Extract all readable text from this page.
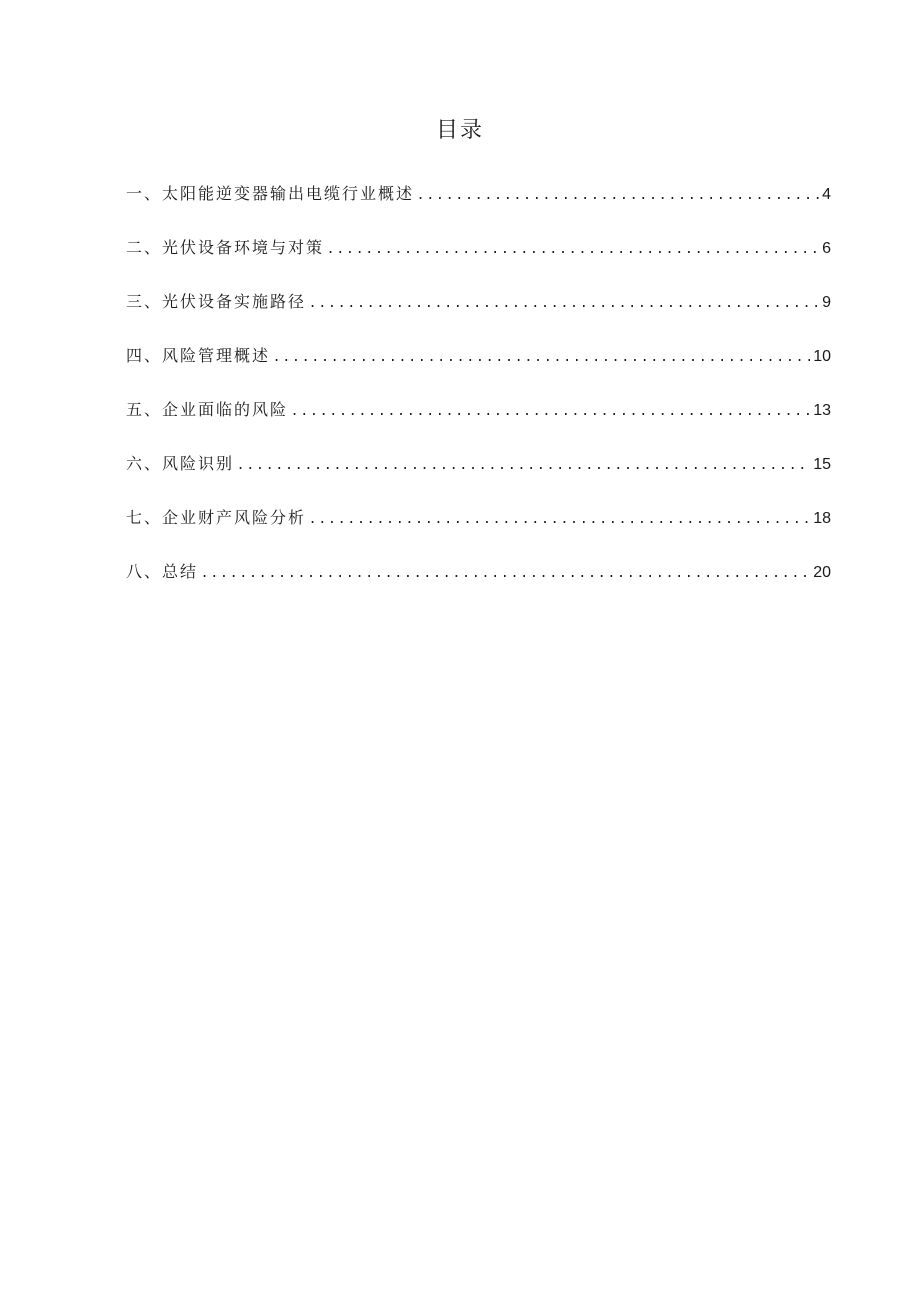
目录
一、太阳能逆变器输出电缆行业概述 .....	4
二、光伏设备环境与对策 .....	6
三、光伏设备实施路径 .....	9
四、风险管理概述 .....	10
五、企业面临的风险 .....	13
六、风险识别 .....	15
七、企业财产风险分析 .....	18
八、总结 .....	20
